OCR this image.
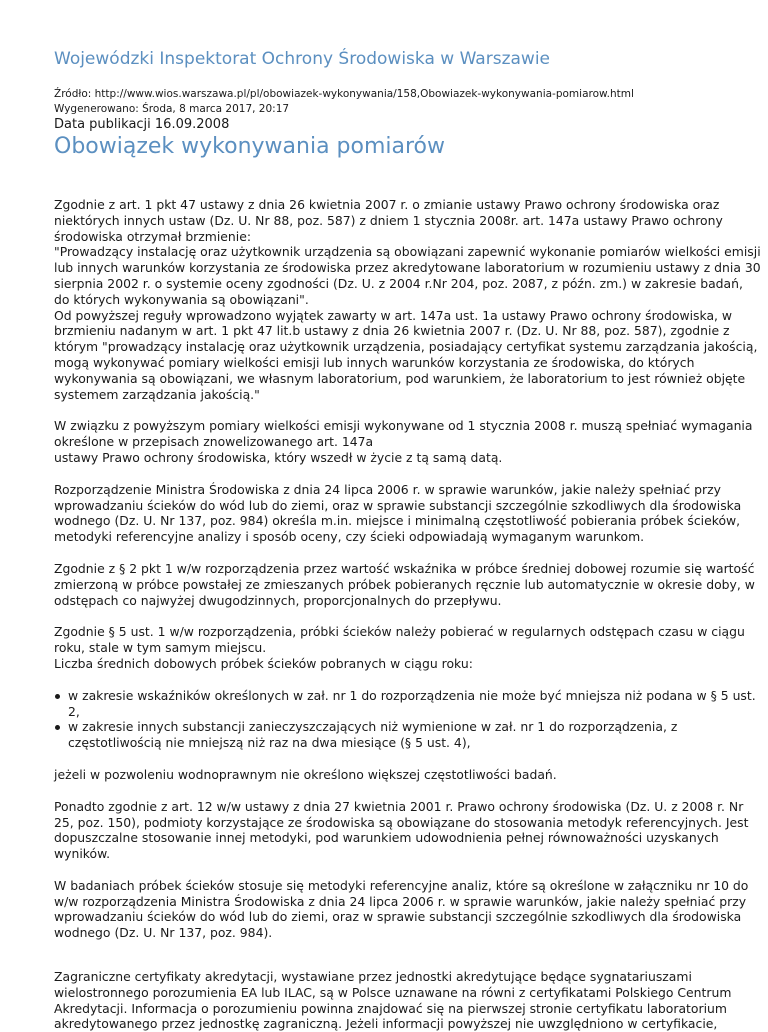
Wojewódzki Inspektorat Ochrony Środowiska w Warszawie

Źródło: http://www.wios.warszawa.pl/pl/obowiazek-wykonywania/158,Obowiazek-wykonywania-pomiarow.html

Wygenerowano: Środa, 8 marca 2017, 20:17

Data publikacji 16.09.2008
Obowiązek wykonywania pomiarów

Zgodnie z art. 1 pkt 47 ustawy z dnia 26 kwietnia 2007 r. o zmianie ustawy Prawo ochrony środowiska oraz
niektórych innych ustaw (Dz. U. Nr 88, poz. 587) z dniem 1 stycznia 2008r. art. 147a ustawy Prawo ochrony
środowiska otrzymał brzmienie:
"Prowadzący instalację oraz użytkownik urządzenia są obowiązani zapewnić wykonanie pomiarów wielkości emisji
lub innych warunków korzystania ze środowiska przez akredytowane laboratorium w rozumieniu ustawy z dnia 30
sierpnia 2002 r. o systemie oceny zgodności (Dz. U. z 2004 r.Nr 204, poz. 2087, z późn. zm.) w zakresie badań,
do których wykonywania są obowiązani".
Od powyższej reguły wprowadzono wyjątek zawarty w art. 147a ust. 1a ustawy Prawo ochrony środowiska, w
brzmieniu nadanym w art. 1 pkt 47 lit.b ustawy z dnia 26 kwietnia 2007 r. (Dz. U. Nr 88, poz. 587), zgodnie z
którym "prowadzący instalację oraz użytkownik urządzenia, posiadający certyfikat systemu zarządzania jakością,
mogą wykonywać pomiary wielkości emisji lub innych warunków korzystania ze środowiska, do których
wykonywania są obowiązani, we własnym laboratorium, pod warunkiem, że laboratorium to jest również objęte
systemem zarządzania jakością."

W związku z powyższym pomiary wielkości emisji wykonywane od 1 stycznia 2008 r. muszą spełniać wymagania
określone w przepisach znowelizowanego art. 147a
ustawy Prawo ochrony środowiska, który wszedł w życie z tą samą datą.

Rozporządzenie Ministra Środowiska z dnia 24 lipca 2006 r. w sprawie warunków, jakie należy spełniać przy
wprowadzaniu ścieków do wód lub do ziemi, oraz w sprawie substancji szczególnie szkodliwych dla środowiska
wodnego (Dz. U. Nr 137, poz. 984) określa m.in. miejsce i minimalną częstotliwość pobierania próbek ścieków,
metodyki referencyjne analizy i sposób oceny, czy ścieki odpowiadają wymaganym warunkom.

Zgodnie z § 2 pkt 1 w/w rozporządzenia przez wartość wskaźnika w próbce średniej dobowej rozumie się wartość
zmierzoną w próbce powstałej ze zmieszanych próbek pobieranych ręcznie lub automatycznie w okresie doby, w
odstępach co najwyżej dwugodzinnych, proporcjonalnych do przepływu.

Zgodnie § 5 ust. 1 w/w rozporządzenia, próbki ścieków należy pobierać w regularnych odstępach czasu w ciągu
roku, stale w tym samym miejscu.
Liczba średnich dobowych próbek ścieków pobranych w ciągu roku:

w zakresie wskaźników określonych w zał. nr 1 do rozporządzenia nie może być mniejsza niż podana w § 5 ust.
2,
w zakresie innych substancji zanieczyszczających niż wymienione w zał. nr 1 do rozporządzenia, z
częstotliwością nie mniejszą niż raz na dwa miesiące (§ 5 ust. 4),

jeżeli w pozwoleniu wodnoprawnym nie określono większej częstotliwości badań.

Ponadto zgodnie z art. 12 w/w ustawy z dnia 27 kwietnia 2001 r. Prawo ochrony środowiska (Dz. U. z 2008 r. Nr
25, poz. 150), podmioty korzystające ze środowiska są obowiązane do stosowania metodyk referencyjnych. Jest
dopuszczalne stosowanie innej metodyki, pod warunkiem udowodnienia pełnej równoważności uzyskanych
wyników.

W badaniach próbek ścieków stosuje się metodyki referencyjne analiz, które są określone w załączniku nr 10 do
w/w rozporządzenia Ministra Środowiska z dnia 24 lipca 2006 r. w sprawie warunków, jakie należy spełniać przy
wprowadzaniu ścieków do wód lub do ziemi, oraz w sprawie substancji szczególnie szkodliwych dla środowiska
wodnego (Dz. U. Nr 137, poz. 984).

Zagraniczne certyfikaty akredytacji, wystawiane przez jednostki akredytujące będące sygnatariuszami
wielostronnego porozumienia EA lub ILAC, są w Polsce uznawane na równi z certyfikatami Polskiego Centrum
Akredytacji. Informacja o porozumieniu powinna znajdować się na pierwszej stronie certyfikatu laboratorium
akredytowanego przez jednostkę zagraniczną. Jeżeli informacji powyższej nie uwzględniono w certyfikacie,
